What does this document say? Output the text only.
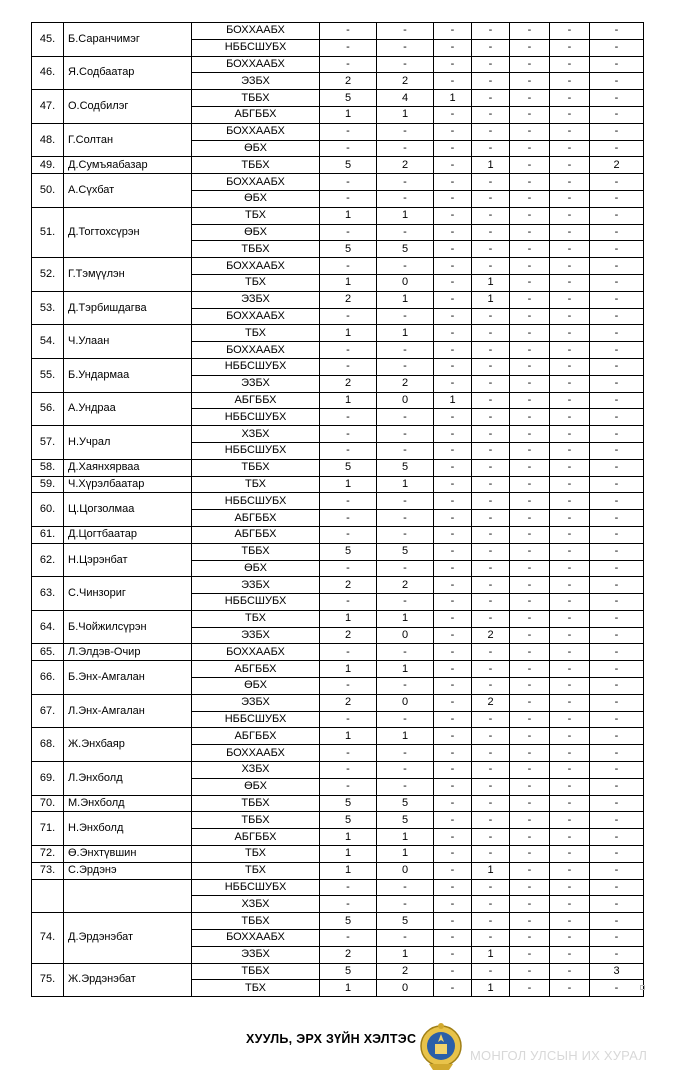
45.	Б.Саранчимэг	БОХХААБХ	-	-	-	-	-	-	-
		НББСШУБХ	-	-	-	-	-	-	-
46.	Я.Содбаатар	БОХХААБХ	-	-	-	-	-	-	-
		ЭЗБХ	2	2	-	-	-	-	-
47.	О.Содбилэг	ТББХ	5	4	1	-	-	-	-
		АБГББХ	1	1	-	-	-	-	-
48.	Г.Солтан	БОХХААБХ	-	-	-	-	-	-	-
		ӨБХ	-	-	-	-	-	-	-
49.	Д.Сумъяабазар	ТББХ	5	2	-	1	-	-	2
50.	А.Сүхбат	БОХХААБХ	-	-	-	-	-	-	-
		ӨБХ	-	-	-	-	-	-	-
51.	Д.Тогтохсүрэн	ТБХ	1	1	-	-	-	-	-
		ӨБХ	-	-	-	-	-	-	-
		ТББХ	5	5	-	-	-	-	-
52.	Г.Тэмүүлэн	БОХХААБХ	-	-	-	-	-	-	-
		ТБХ	1	0	-	1	-	-	-
53.	Д.Тэрбишдагва	ЭЗБХ	2	1	-	1	-	-	-
		БОХХААБХ	-	-	-	-	-	-	-
54.	Ч.Улаан	ТБХ	1	1	-	-	-	-	-
		БОХХААБХ	-	-	-	-	-	-	-
55.	Б.Ундармаа	НББСШУБХ	-	-	-	-	-	-	-
		ЭЗБХ	2	2	-	-	-	-	-
56.	А.Ундраа	АБГББХ	1	0	1	-	-	-	-
		НББСШУБХ	-	-	-	-	-	-	-
57.	Н.Учрал	ХЗБХ	-	-	-	-	-	-	-
		НББСШУБХ	-	-	-	-	-	-	-
58.	Д.Хаянхярваа	ТББХ	5	5	-	-	-	-	-
59.	Ч.Хүрэлбаатар	ТБХ	1	1	-	-	-	-	-
60.	Ц.Цогзолмаа	НББСШУБХ	-	-	-	-	-	-	-
		АБГББХ	-	-	-	-	-	-	-
61.	Д.Цогтбаатар	АБГББХ	-	-	-	-	-	-	-
62.	Н.Цэрэнбат	ТББХ	5	5	-	-	-	-	-
		ӨБХ	-	-	-	-	-	-	-
63.	С.Чинзориг	ЭЗБХ	2	2	-	-	-	-	-
		НББСШУБХ	-	-	-	-	-	-	-
64.	Б.Чойжилсүрэн	ТБХ	1	1	-	-	-	-	-
		ЭЗБХ	2	0	-	2	-	-	-
65.	Л.Элдэв-Очир	БОХХААБХ	-	-	-	-	-	-	-
66.	Б.Энх-Амгалан	АБГББХ	1	1	-	-	-	-	-
		ӨБХ	-	-	-	-	-	-	-
67.	Л.Энх-Амгалан	ЭЗБХ	2	0	-	2	-	-	-
		НББСШУБХ	-	-	-	-	-	-	-
68.	Ж.Энхбаяр	АБГББХ	1	1	-	-	-	-	-
		БОХХААБХ	-	-	-	-	-	-	-
69.	Л.Энхболд	ХЗБХ	-	-	-	-	-	-	-
		ӨБХ	-	-	-	-	-	-	-
70.	М.Энхболд	ТББХ	5	5	-	-	-	-	-
71.	Н.Энхболд	ТББХ	5	5	-	-	-	-	-
		АБГББХ	1	1	-	-	-	-	-
72.	Ө.Энхтүвшин	ТБХ	1	1	-	-	-	-	-
73.	С.Эрдэнэ	ТБХ	1	0	-	1	-	-	-
		НББСШУБХ	-	-	-	-	-	-	-
		ХЗБХ	-	-	-	-	-	-	-
74.	Д.Эрдэнэбат	ТББХ	5	5	-	-	-	-	-
		БОХХААБХ	-	-	-	-	-	-	-
		ЭЗБХ	2	1	-	1	-	-	-
75.	Ж.Эрдэнэбат	ТББХ	5	2	-	-	-	-	3
		ТБХ	1	0	-	1	-	-	-
ХУУЛЬ, ЭРХ ЗҮЙН ХЭЛТЭС
МОНГОЛ УЛСЫН ИХ ХУРАЛ
